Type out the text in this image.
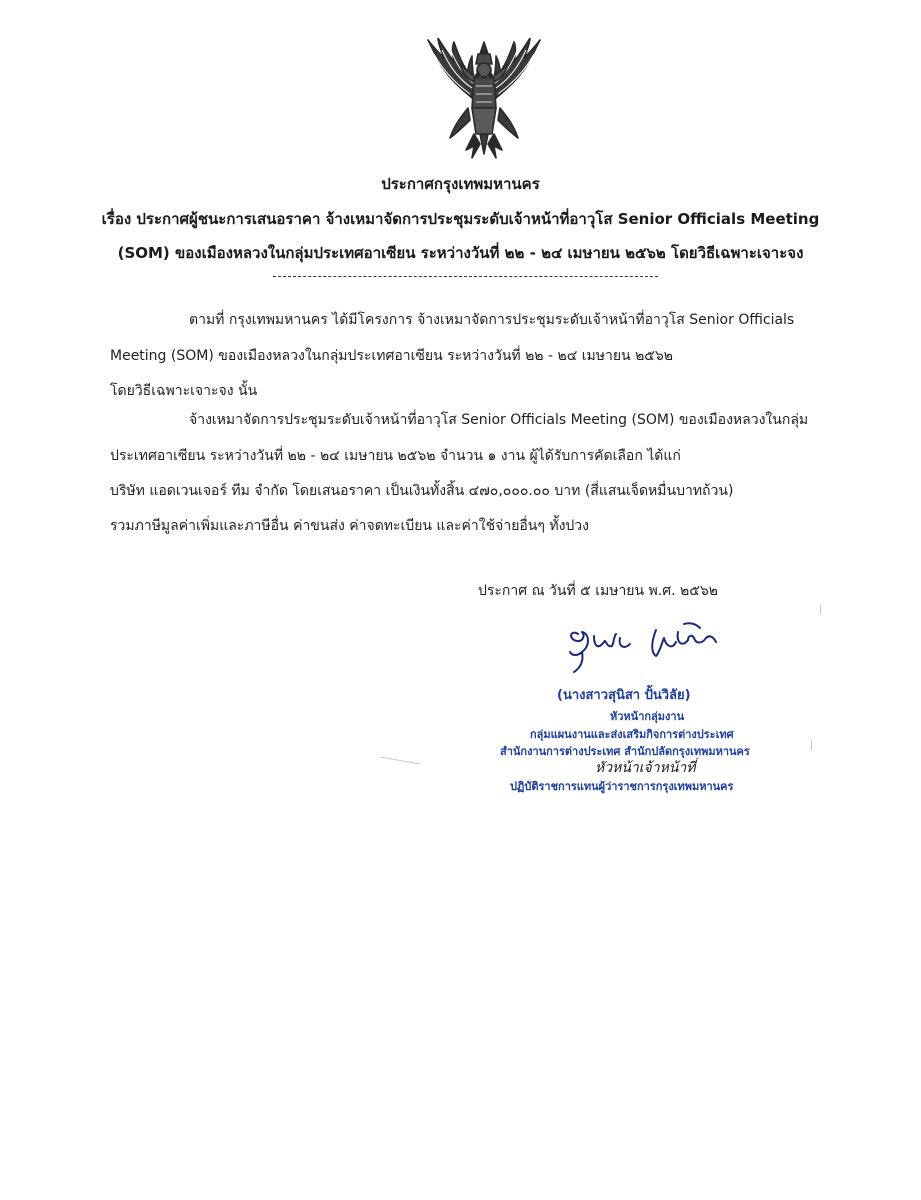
ประกาศกรุงเทพมหานคร
เรื่อง ประกาศผู้ชนะการเสนอราคา จ้างเหมาจัดการประชุมระดับเจ้าหน้าที่อาวุโส Senior Officials Meeting
(SOM) ของเมืองหลวงในกลุ่มประเทศอาเซียน ระหว่างวันที่ ๒๒ - ๒๔ เมษายน ๒๕๖๒ โดยวิธีเฉพาะเจาะจง
ตามที่ กรุงเทพมหานคร ได้มีโครงการ จ้างเหมาจัดการประชุมระดับเจ้าหน้าที่อาวุโส Senior Officials
Meeting (SOM) ของเมืองหลวงในกลุ่มประเทศอาเซียน ระหว่างวันที่ ๒๒ - ๒๔ เมษายน ๒๕๖๒
โดยวิธีเฉพาะเจาะจง นั้น
จ้างเหมาจัดการประชุมระดับเจ้าหน้าที่อาวุโส Senior Officials Meeting (SOM) ของเมืองหลวงในกลุ่ม
ประเทศอาเซียน ระหว่างวันที่ ๒๒ - ๒๔ เมษายน ๒๕๖๒ จำนวน ๑ งาน ผู้ได้รับการคัดเลือก ได้แก่
บริษัท แอดเวนเจอร์ ทีม จำกัด โดยเสนอราคา เป็นเงินทั้งสิ้น ๔๗๐,๐๐๐.๐๐ บาท (สี่แสนเจ็ดหมื่นบาทถ้วน)
รวมภาษีมูลค่าเพิ่มและภาษีอื่น ค่าขนส่ง ค่าจดทะเบียน และค่าใช้จ่ายอื่นๆ ทั้งปวง
ประกาศ ณ วันที่ ๕ เมษายน พ.ศ. ๒๕๖๒
(นางสาวสุนิสา ปั้นวิลัย)
หัวหน้ากลุ่มงาน
กลุ่มแผนงานและส่งเสริมกิจการต่างประเทศ
สำนักงานการต่างประเทศ สำนักปลัดกรุงเทพมหานคร
หัวหน้าเจ้าหน้าที่
ปฏิบัติราชการแทนผู้ว่าราชการกรุงเทพมหานคร
